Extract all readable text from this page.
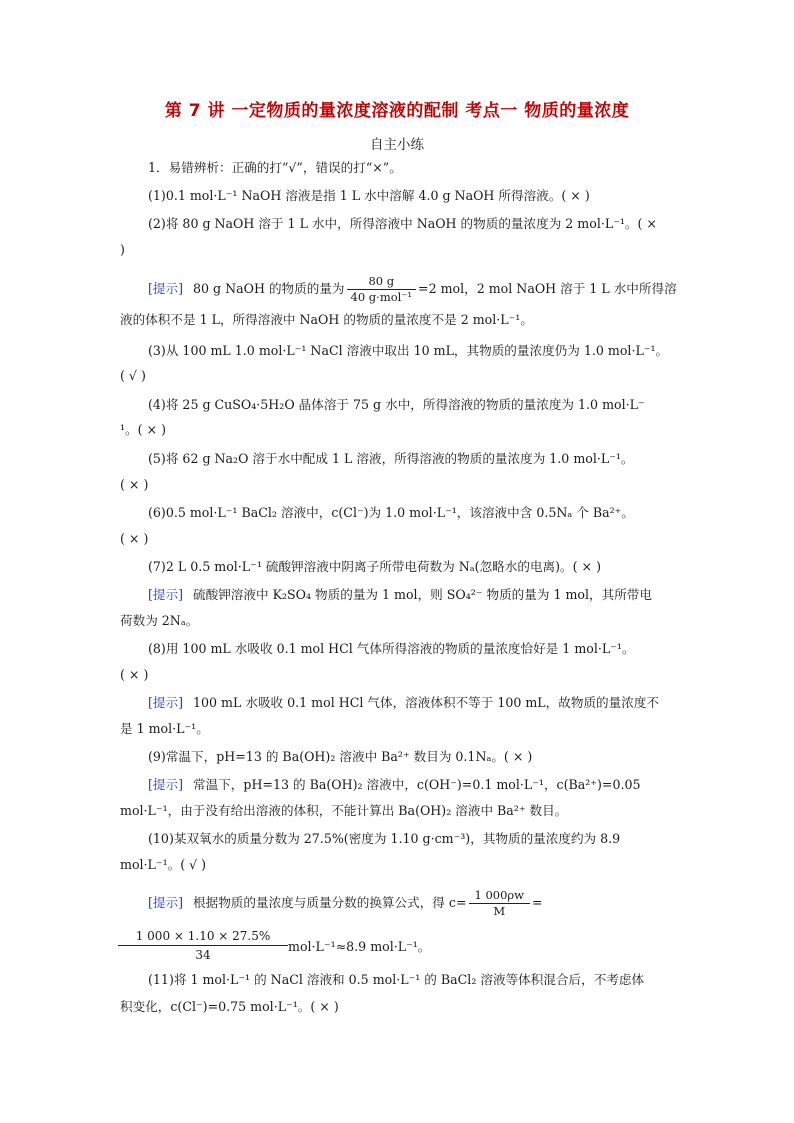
第 7 讲 一定物质的量浓度溶液的配制 考点一 物质的量浓度
自主小练
1．易错辨析：正确的打“√”，错误的打“×”。
(1)0.1 mol·L⁻¹ NaOH 溶液是指 1 L 水中溶解 4.0 g NaOH 所得溶液。( × )
(2)将 80 g NaOH 溶于 1 L 水中，所得溶液中 NaOH 的物质的量浓度为 2 mol·L⁻¹。( ×
)
[提示] 80 g NaOH 的物质的量为 $\frac{80 g}{\text{40 g·mol⁻¹}} =2$ mol，2 mol NaOH 溶于 1 L 水中所得溶
液的体积不是 1 L，所得溶液中 NaOH 的物质的量浓度不是 2 mol·L⁻¹。
(3)从 100 mL 1.0 mol·L⁻¹ NaCl 溶液中取出 10 mL，其物质的量浓度仍为 1.0 mol·L⁻¹。
( √ )
(4)将 25 g CuSO₄·5H₂O 晶体溶于 75 g 水中，所得溶液的物质的量浓度为 1.0 mol·L⁻
¹。( × )
(5)将 62 g Na₂O 溶于水中配成 1 L 溶液，所得溶液的物质的量浓度为 1.0 mol·L⁻¹。
( × )
(6)0.5 mol·L⁻¹ BaCl₂ 溶液中，c(Cl⁻)为 1.0 mol·L⁻¹，该溶液中含 0.5Nₐ 个 Ba²⁺。
( × )
(7)2 L 0.5 mol·L⁻¹ 硫酸钾溶液中阴离子所带电荷数为 Nₐ(忽略水的电离)。( × )
[提示] 硫酸钾溶液中 K₂SO₄ 物质的量为 1 mol，则 SO₄²⁻ 物质的量为 1 mol，其所带电
荷数为 2Nₐ。
(8)用 100 mL 水吸收 0.1 mol HCl 气体所得溶液的物质的量浓度恰好是 1 mol·L⁻¹。
( × )
[提示] 100 mL 水吸收 0.1 mol HCl 气体，溶液体积不等于 100 mL，故物质的量浓度不
是 1 mol·L⁻¹。
(9)常温下，pH=13 的 Ba(OH)₂ 溶液中 Ba²⁺ 数目为 0.1Nₐ。( × )
[提示] 常温下，pH=13 的 Ba(OH)₂ 溶液中，c(OH⁻)=0.1 mol·L⁻¹，c(Ba²⁺)=0.05
mol·L⁻¹，由于没有给出溶液的体积，不能计算出 Ba(OH)₂ 溶液中 Ba²⁺ 数目。
(10)某双氧水的质量分数为 27.5%(密度为 1.10 g·cm⁻³)，其物质的量浓度约为 8.9
mol·L⁻¹。( √ )
[提示] 根据物质的量浓度与质量分数的换算公式，得 $c= \frac{1 000\rho w}{M}$ =
$\frac{1 000 \times 1.10 \times 27.5\%}{34} mol\cdot L^{-1}\approx 8.9$ mol·L⁻¹。
(11)将 1 mol·L⁻¹ 的 NaCl 溶液和 0.5 mol·L⁻¹ 的 BaCl₂ 溶液等体积混合后，不考虑体
积变化，c(Cl⁻)=0.75 mol·L⁻¹。( × )
